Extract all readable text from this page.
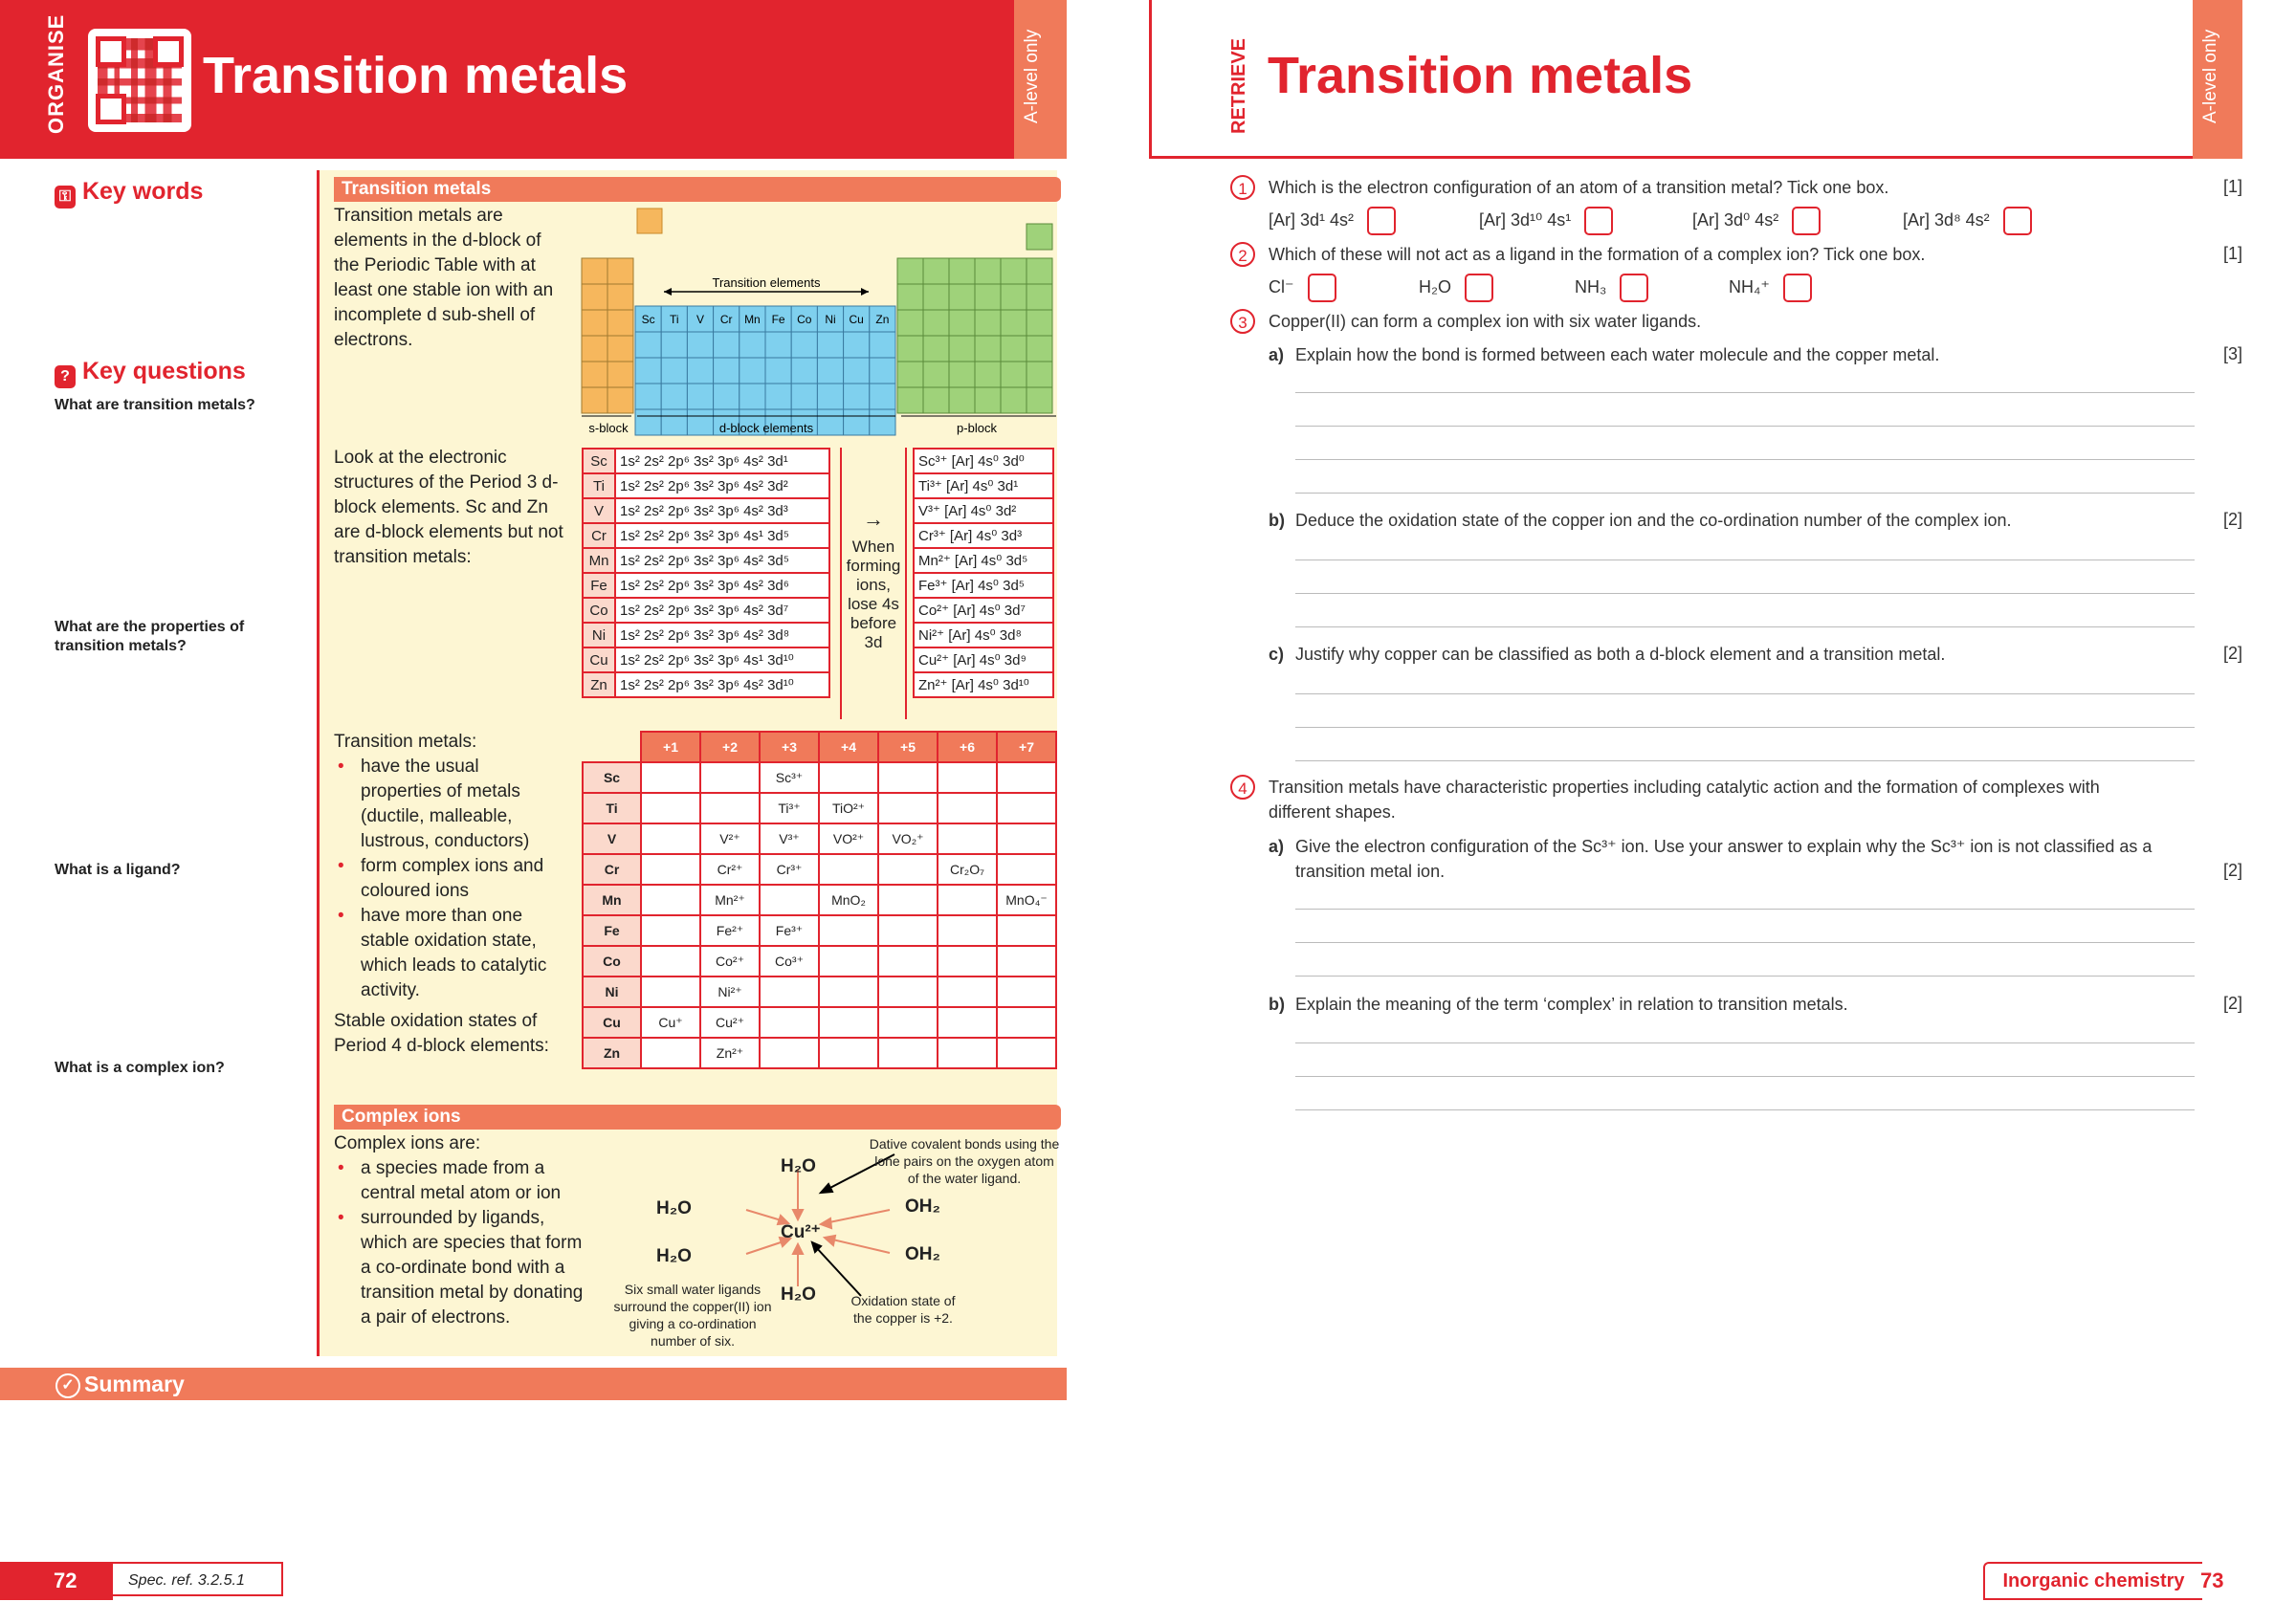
ORGANISE	Transition metals	A-level only
⚿ Key words
? Key questions
What are transition metals?
What are the properties of transition metals?
What is a ligand?
What is a complex ion?
Transition metals
Transition metals are elements in the d-block of the Periodic Table with at least one stable ion with an incomplete d sub-shell of electrons.
Sc Ti V Cr Mn Fe Co Ni Cu Zn
Transition elements
s-block	d-block elements	p-block
Look at the electronic structures of the Period 3 d-block elements. Sc and Zn are d-block elements but not transition metals:
Sc	1s² 2s² 2p⁶ 3s² 3p⁶ 4s² 3d¹
Ti	1s² 2s² 2p⁶ 3s² 3p⁶ 4s² 3d²
V	1s² 2s² 2p⁶ 3s² 3p⁶ 4s² 3d³
Cr	1s² 2s² 2p⁶ 3s² 3p⁶ 4s¹ 3d⁵
Mn	1s² 2s² 2p⁶ 3s² 3p⁶ 4s² 3d⁵
Fe	1s² 2s² 2p⁶ 3s² 3p⁶ 4s² 3d⁶
Co	1s² 2s² 2p⁶ 3s² 3p⁶ 4s² 3d⁷
Ni	1s² 2s² 2p⁶ 3s² 3p⁶ 4s² 3d⁸
Cu	1s² 2s² 2p⁶ 3s² 3p⁶ 4s¹ 3d¹⁰
Zn	1s² 2s² 2p⁶ 3s² 3p⁶ 4s² 3d¹⁰
→
When forming ions, lose 4s before 3d
Sc³⁺ [Ar] 4s⁰ 3d⁰
Ti³⁺ [Ar] 4s⁰ 3d¹
V³⁺ [Ar] 4s⁰ 3d²
Cr³⁺ [Ar] 4s⁰ 3d³
Mn²⁺ [Ar] 4s⁰ 3d⁵
Fe³⁺ [Ar] 4s⁰ 3d⁵
Co²⁺ [Ar] 4s⁰ 3d⁷
Ni²⁺ [Ar] 4s⁰ 3d⁸
Cu²⁺ [Ar] 4s⁰ 3d⁹
Zn²⁺ [Ar] 4s⁰ 3d¹⁰
Transition metals:
• have the usual properties of metals (ductile, malleable, lustrous, conductors)
• form complex ions and coloured ions
• have more than one stable oxidation state, which leads to catalytic activity.
Stable oxidation states of Period 4 d-block elements:
	+1	+2	+3	+4	+5	+6	+7
Sc			Sc³⁺				
Ti			Ti³⁺	TiO²⁺			
V		V²⁺	V³⁺	VO²⁺	VO₂⁺		
Cr		Cr²⁺	Cr³⁺			Cr₂O₇	
Mn		Mn²⁺		MnO₂			MnO₄⁻
Fe		Fe²⁺	Fe³⁺				
Co		Co²⁺	Co³⁺				
Ni		Ni²⁺					
Cu	Cu⁺	Cu²⁺					
Zn		Zn²⁺					
Complex ions
Complex ions are:
• a species made from a central metal atom or ion
• surrounded by ligands, which are species that form a co-ordinate bond with a transition metal by donating a pair of electrons.
H₂O
H₂O
H₂O
H₂O
OH₂
OH₂
Cu²⁺
Dative covalent bonds using the lone pairs on the oxygen atom of the water ligand.
Six small water ligands surround the copper(II) ion giving a co-ordination number of six.
Oxidation state of the copper is +2.
✓ Summary
72	Spec. ref. 3.2.5.1
RETRIEVE Transition metals	A-level only
1	Which is the electron configuration of an atom of a transition metal? Tick one box.	[1]
[Ar] 3d¹ 4s²	[Ar] 3d¹⁰ 4s¹	[Ar] 3d⁰ 4s²	[Ar] 3d⁸ 4s²
2	Which of these will not act as a ligand in the formation of a complex ion? Tick one box.	[1]
Cl⁻	H₂O	NH₃	NH₄⁺
3	Copper(II) can form a complex ion with six water ligands.
a) Explain how the bond is formed between each water molecule and the copper metal.	[3]
b) Deduce the oxidation state of the copper ion and the co-ordination number of the complex ion.	[2]
c) Justify why copper can be classified as both a d-block element and a transition metal.	[2]
4	Transition metals have characteristic properties including catalytic action and the formation of complexes with different shapes.
a) Give the electron configuration of the Sc³⁺ ion. Use your answer to explain why the Sc³⁺ ion is not classified as a transition metal ion.	[2]
b) Explain the meaning of the term ‘complex’ in relation to transition metals.	[2]
Inorganic chemistry 73
